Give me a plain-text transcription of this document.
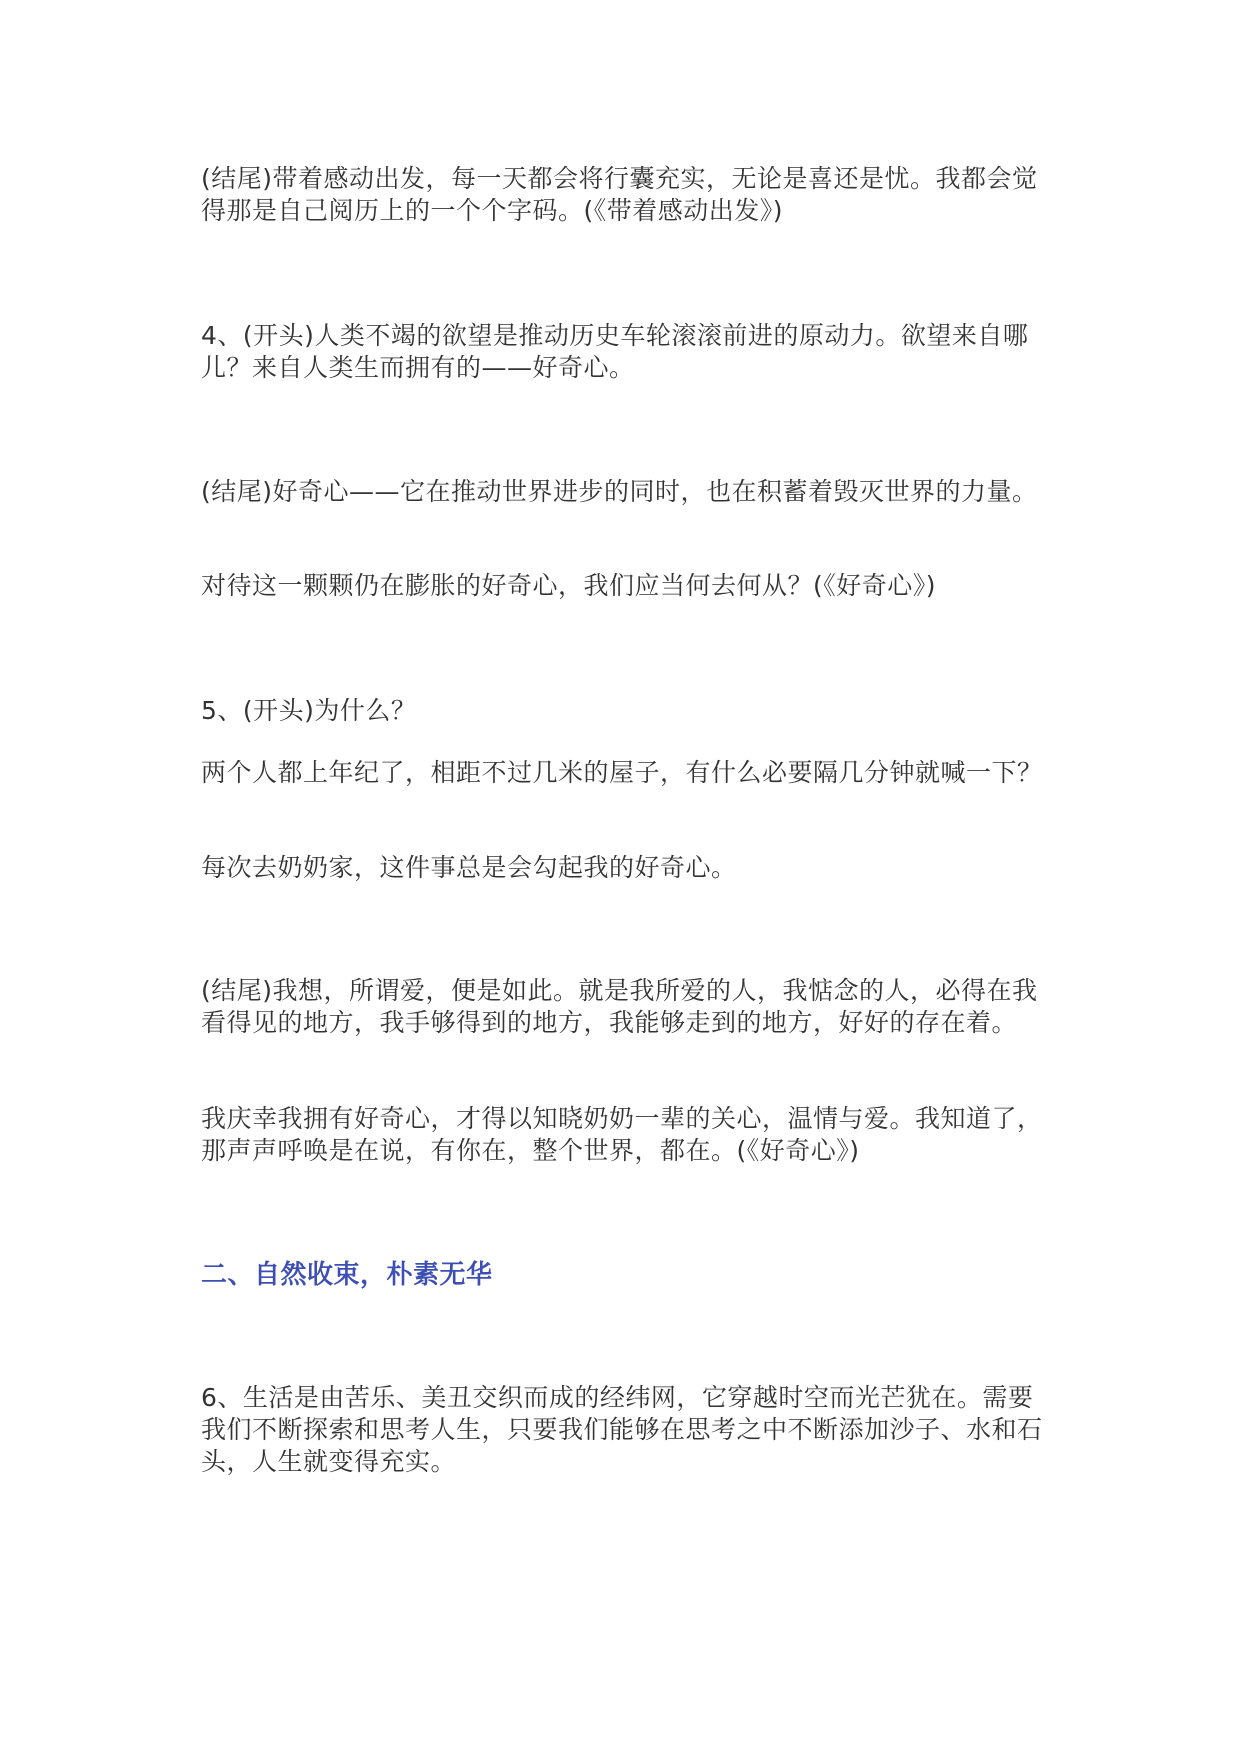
(结尾)带着感动出发，每一天都会将行囊充实，无论是喜还是忧。我都会觉得那是自己阅历上的一个个字码。(《带着感动出发》)

4、(开头)人类不竭的欲望是推动历史车轮滚滚前进的原动力。欲望来自哪儿？来自人类生而拥有的——好奇心。

(结尾)好奇心——它在推动世界进步的同时，也在积蓄着毁灭世界的力量。

对待这一颗颗仍在膨胀的好奇心，我们应当何去何从？(《好奇心》)

5、(开头)为什么？

两个人都上年纪了，相距不过几米的屋子，有什么必要隔几分钟就喊一下？

每次去奶奶家，这件事总是会勾起我的好奇心。

(结尾)我想，所谓爱，便是如此。就是我所爱的人，我惦念的人，必得在我看得见的地方，我手够得到的地方，我能够走到的地方，好好的存在着。

我庆幸我拥有好奇心，才得以知晓奶奶一辈的关心，温情与爱。我知道了，那声声呼唤是在说，有你在，整个世界，都在。(《好奇心》)

二、自然收束，朴素无华

6、生活是由苦乐、美丑交织而成的经纬网，它穿越时空而光芒犹在。需要我们不断探索和思考人生，只要我们能够在思考之中不断添加沙子、水和石头，人生就变得充实。
